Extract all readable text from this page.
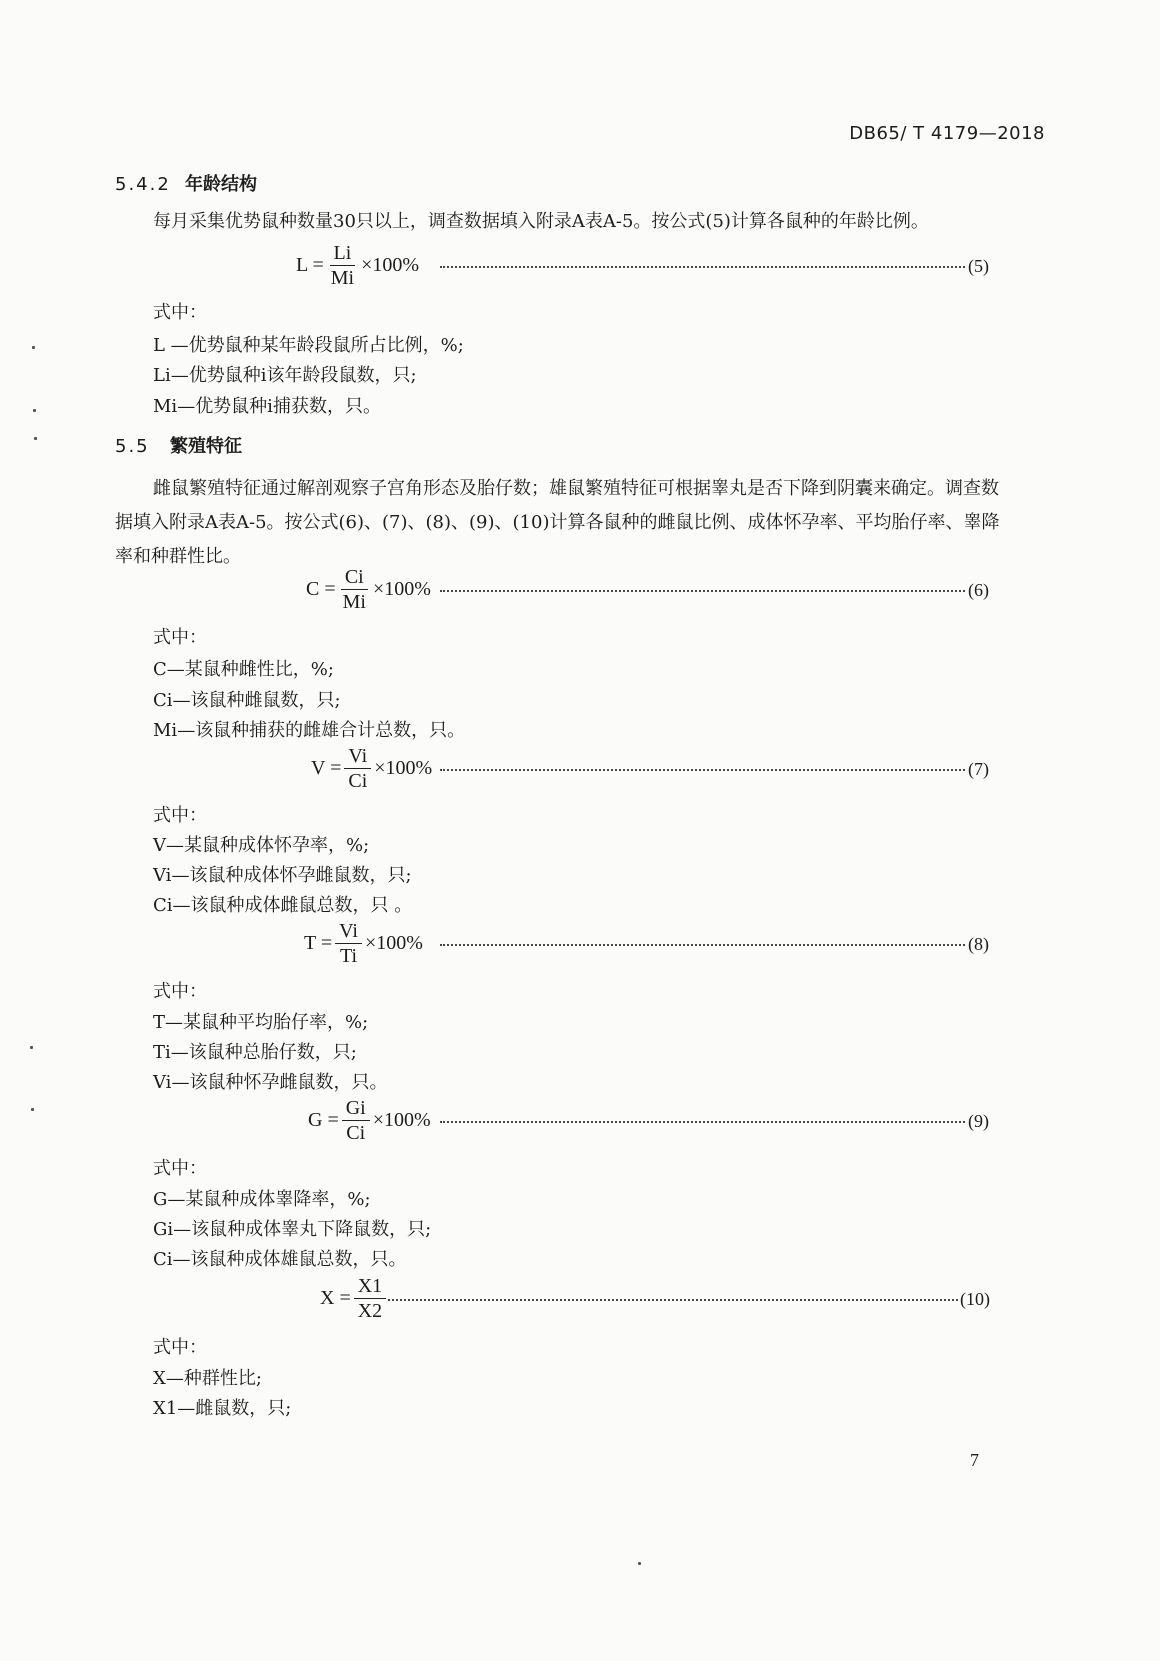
DB65/ T 4179—2018
5.4.2 年龄结构
每月采集优势鼠种数量30只以上，调查数据填入附录A表A-5。按公式(5)计算各鼠种的年龄比例。
$L = \frac{Li}{Mi} \times 100\%$	(5)
式中：
L —优势鼠种某年龄段鼠所占比例，%;
Li—优势鼠种i该年龄段鼠数，只;
Mi—优势鼠种i捕获数，只。
5.5 繁殖特征
雌鼠繁殖特征通过解剖观察子宫角形态及胎仔数；雄鼠繁殖特征可根据睾丸是否下降到阴囊来确定。调查数据填入附录A表A-5。按公式(6)、(7)、(8)、(9)、(10)计算各鼠种的雌鼠比例、成体怀孕率、平均胎仔率、睾降率和种群性比。
$C = \frac{Ci}{Mi} \times 100\%$	(6)
式中：
C—某鼠种雌性比，%;
Ci—该鼠种雌鼠数，只;
Mi—该鼠种捕获的雌雄合计总数，只。
$V = \frac{Vi}{Ci} \times 100\%$	(7)
式中：
V—某鼠种成体怀孕率，%;
Vi—该鼠种成体怀孕雌鼠数，只;
Ci—该鼠种成体雌鼠总数，只 。
$T = \frac{Vi}{Ti} \times 100\%$	(8)
式中：
T—某鼠种平均胎仔率，%;
Ti—该鼠种总胎仔数，只;
Vi—该鼠种怀孕雌鼠数，只。
$G = \frac{Gi}{Ci} \times 100\%$	(9)
式中：
G—某鼠种成体睾降率，%;
Gi—该鼠种成体睾丸下降鼠数，只;
Ci—该鼠种成体雄鼠总数，只。
$X = \frac{X1}{X2}$	(10)
式中：
X—种群性比;
X1—雌鼠数，只;
7
